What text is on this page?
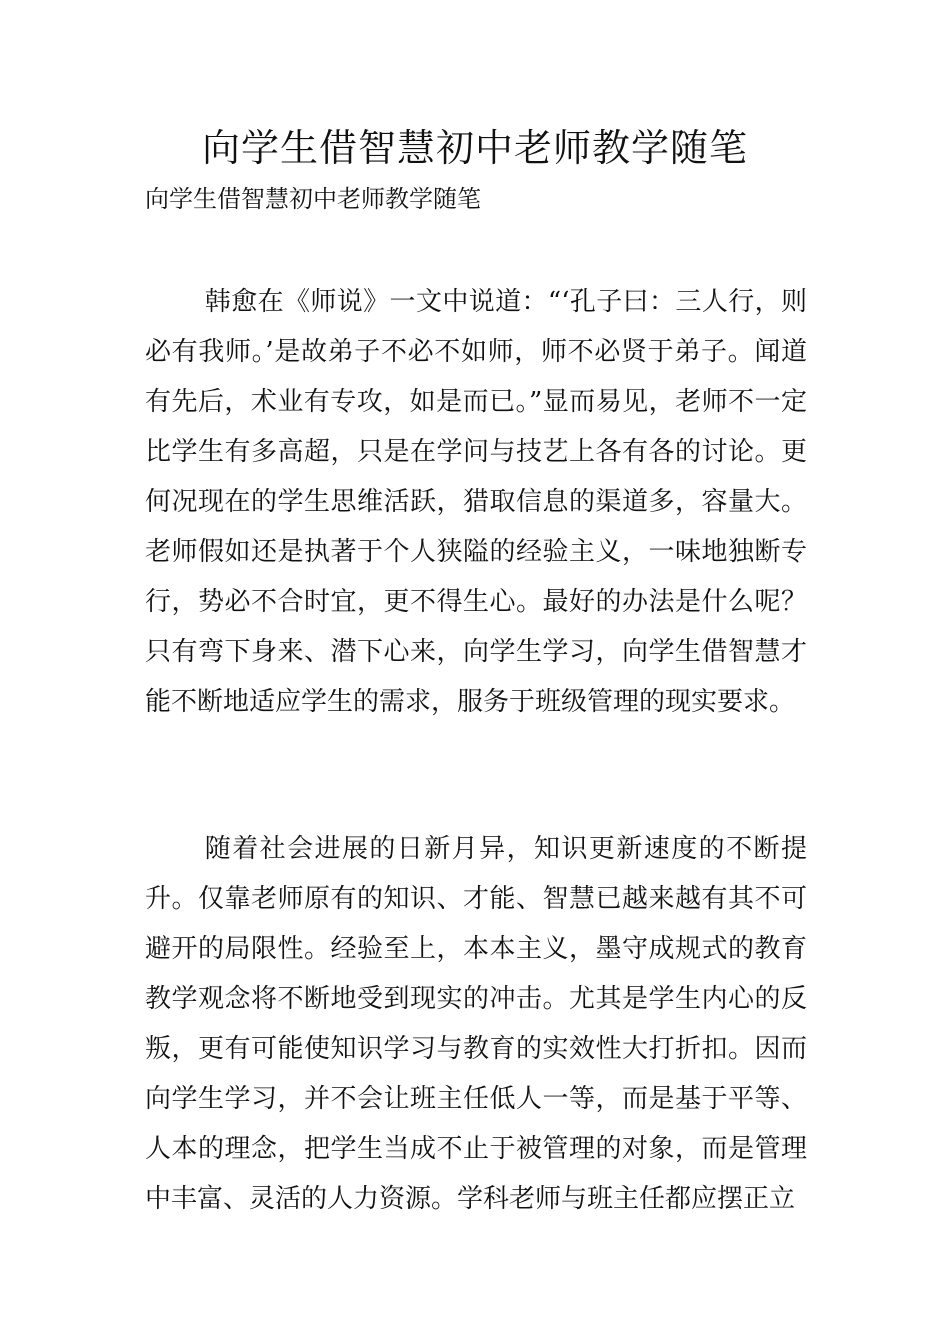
向学生借智慧初中老师教学随笔

向学生借智慧初中老师教学随笔

韩愈在《师说》一文中说道：“‘孔子曰：三人行，则必有我师。’是故弟子不必不如师，师不必贤于弟子。闻道有先后，术业有专攻，如是而已。”显而易见，老师不一定比学生有多高超，只是在学问与技艺上各有各的讨论。更何况现在的学生思维活跃，猎取信息的渠道多，容量大。老师假如还是执著于个人狭隘的经验主义，一味地独断专行，势必不合时宜，更不得生心。最好的办法是什么呢？只有弯下身来、潜下心来，向学生学习，向学生借智慧才能不断地适应学生的需求，服务于班级管理的现实要求。

随着社会进展的日新月异，知识更新速度的不断提升。仅靠老师原有的知识、才能、智慧已越来越有其不可避开的局限性。经验至上，本本主义，墨守成规式的教育教学观念将不断地受到现实的冲击。尤其是学生内心的反叛，更有可能使知识学习与教育的实效性大打折扣。因而向学生学习，并不会让班主任低人一等，而是基于平等、人本的理念，把学生当成不止于被管理的对象，而是管理中丰富、灵活的人力资源。学科老师与班主任都应摆正立
